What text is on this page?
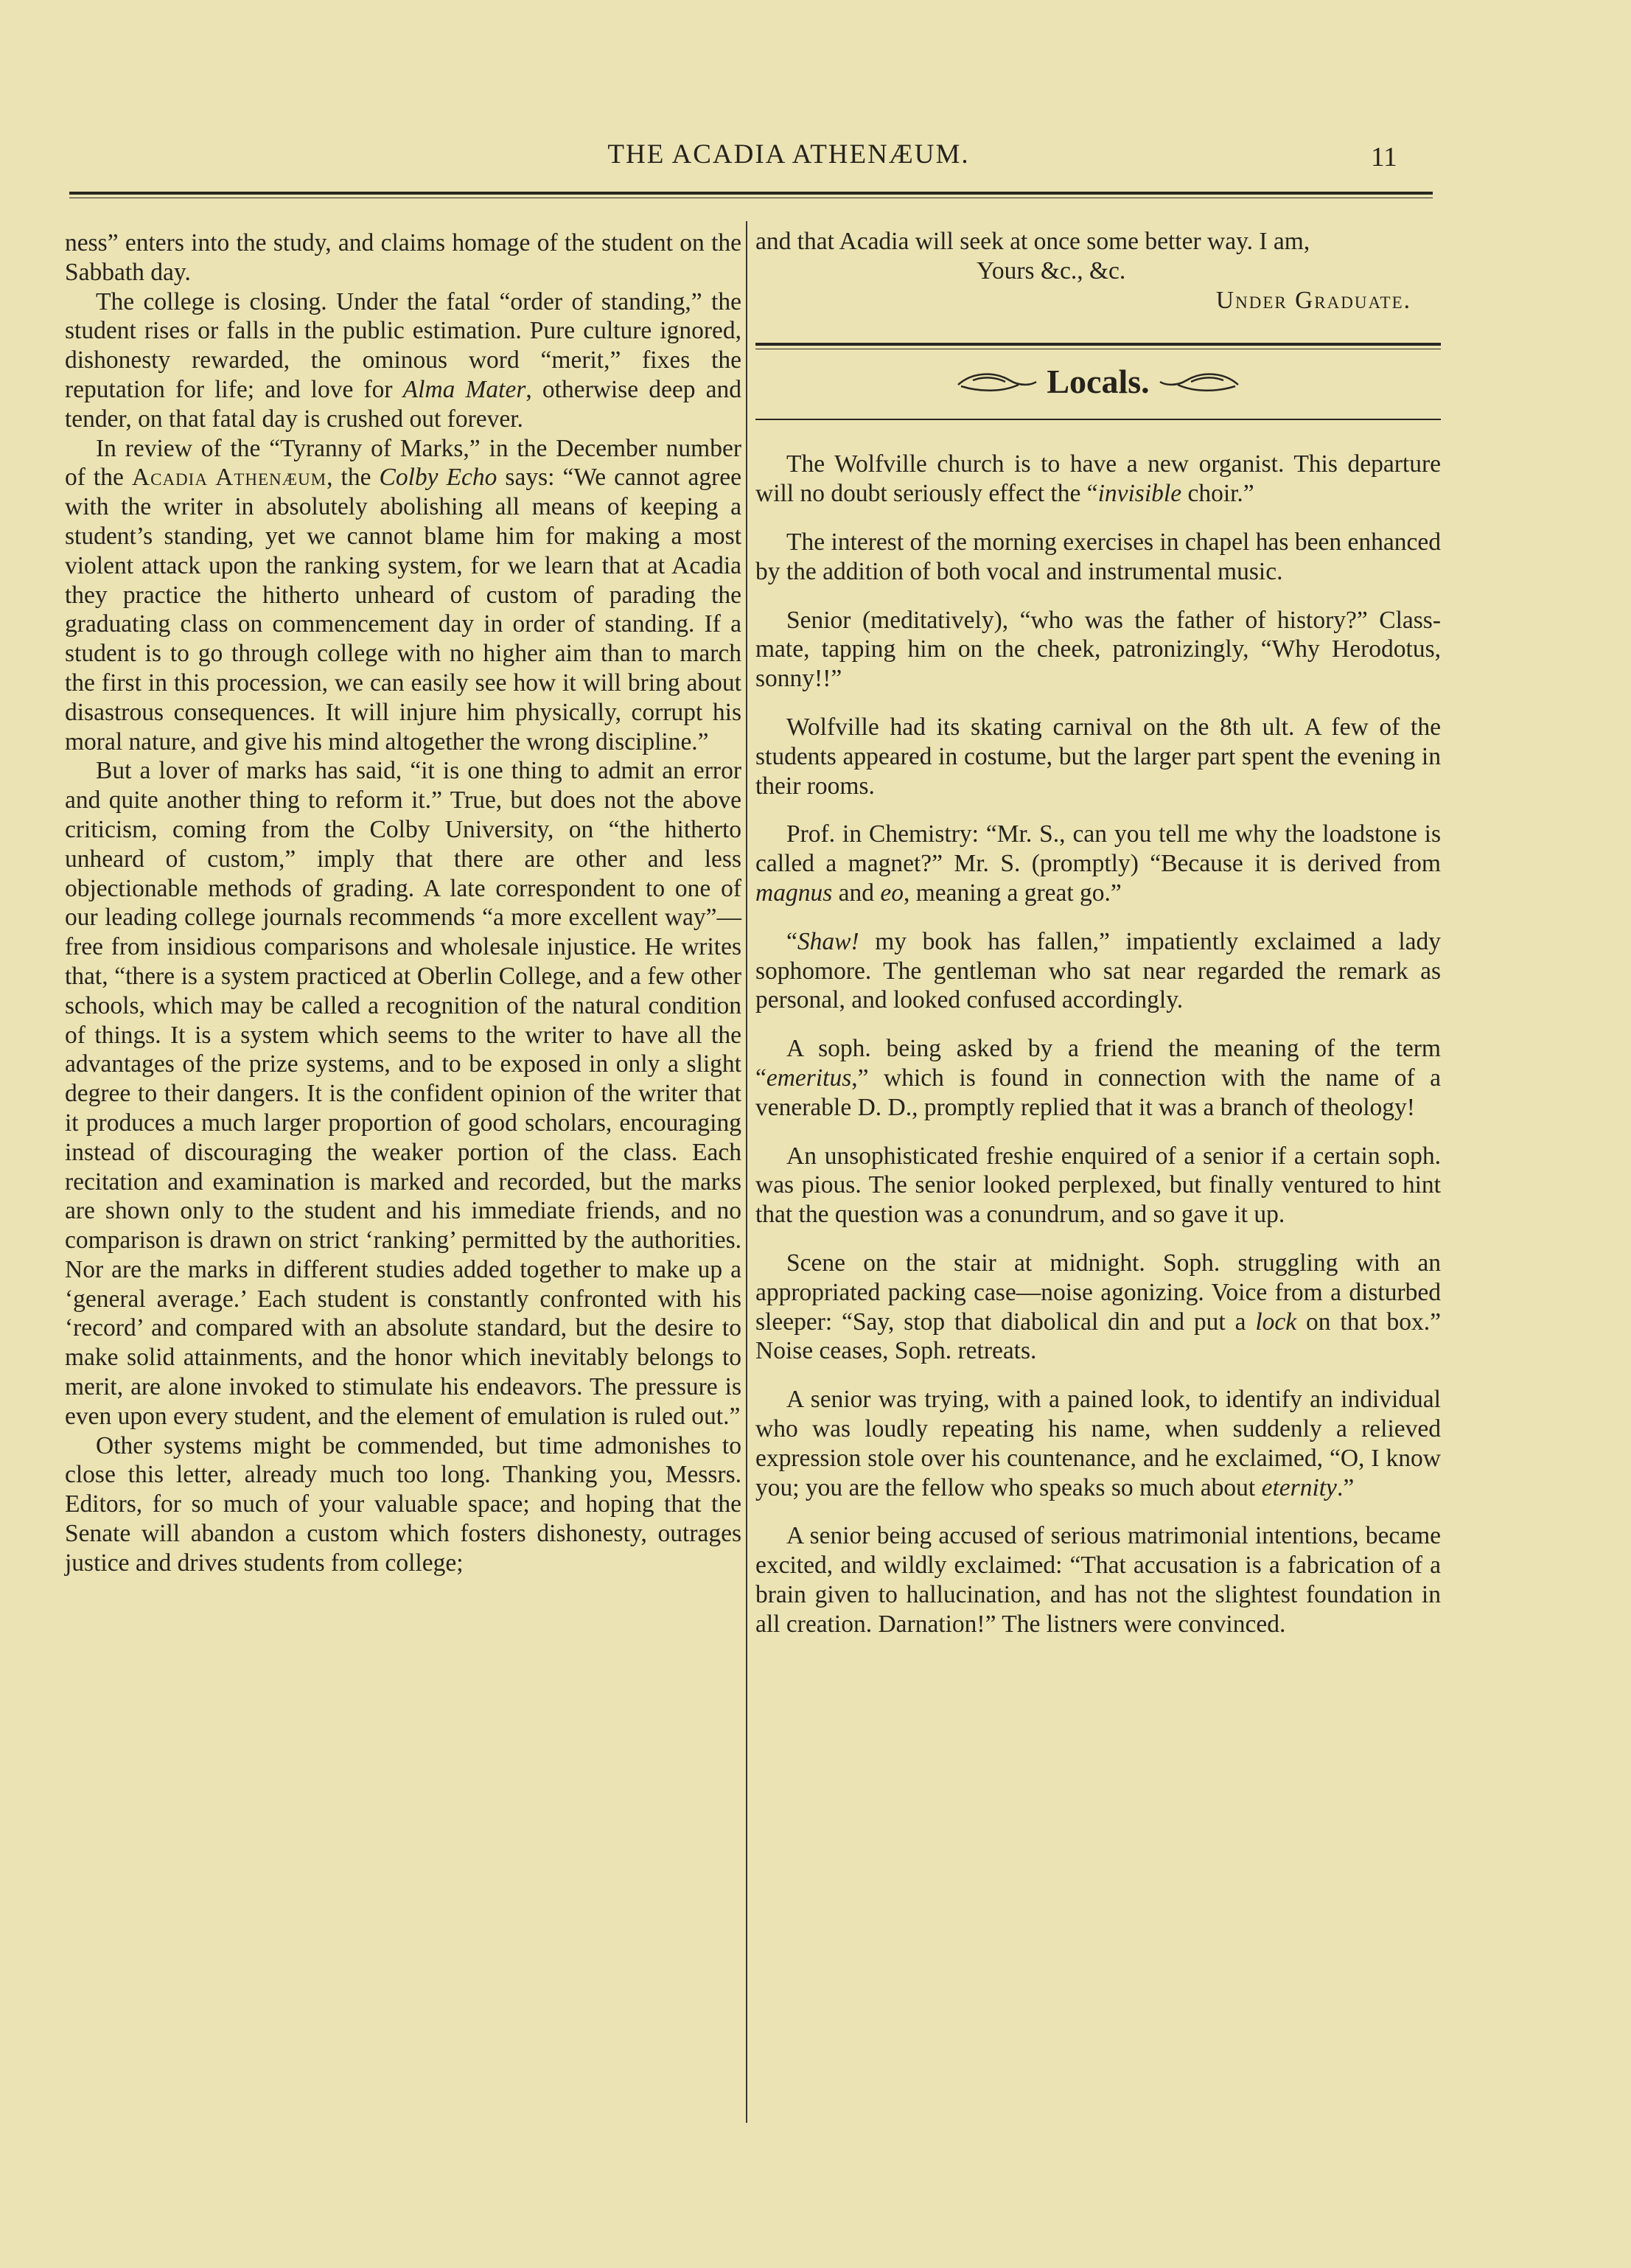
THE ACADIA ATHENÆUM.	11

ness” enters into the study, and claims homage of the student on the Sabbath day.

The college is closing. Under the fatal “order of standing,” the student rises or falls in the public estimation. Pure culture ignored, dishonesty rewarded, the ominous word “merit,” fixes the reputation for life; and love for Alma Mater, otherwise deep and tender, on that fatal day is crushed out forever.

In review of the “Tyranny of Marks,” in the December number of the Acadia Athenæum, the Colby Echo says: “We cannot agree with the writer in absolutely abolishing all means of keeping a student’s standing, yet we cannot blame him for making a most violent attack upon the ranking system, for we learn that at Acadia they practice the hitherto unheard of custom of parading the graduating class on commencement day in order of standing. If a student is to go through college with no higher aim than to march the first in this procession, we can easily see how it will bring about disastrous consequences. It will injure him physically, corrupt his moral nature, and give his mind altogether the wrong discipline.”

But a lover of marks has said, “it is one thing to admit an error and quite another thing to reform it.” True, but does not the above criticism, coming from the Colby University, on “the hitherto unheard of custom,” imply that there are other and less objectionable methods of grading. A late correspondent to one of our leading college journals recommends “a more excellent way”—free from insidious comparisons and wholesale injustice. He writes that, “there is a system practiced at Oberlin College, and a few other schools, which may be called a recognition of the natural condition of things. It is a system which seems to the writer to have all the advantages of the prize systems, and to be exposed in only a slight degree to their dangers. It is the confident opinion of the writer that it produces a much larger proportion of good scholars, encouraging instead of discouraging the weaker portion of the class. Each recitation and examination is marked and recorded, but the marks are shown only to the student and his immediate friends, and no comparison is drawn on strict ‘ranking’ permitted by the authorities. Nor are the marks in different studies added together to make up a ‘general average.’ Each student is constantly confronted with his ‘record’ and compared with an absolute standard, but the desire to make solid attainments, and the honor which inevitably belongs to merit, are alone invoked to stimulate his endeavors. The pressure is even upon every student, and the element of emulation is ruled out.”

Other systems might be commended, but time admonishes to close this letter, already much too long. Thanking you, Messrs. Editors, for so much of your valuable space; and hoping that the Senate will abandon a custom which fosters dishonesty, outrages justice and drives students from college;

and that Acadia will seek at once some better way. I am,

Yours &c., &c.

Under Graduate.

Locals.

The Wolfville church is to have a new organist. This departure will no doubt seriously effect the “invisible choir.”

The interest of the morning exercises in chapel has been enhanced by the addition of both vocal and instrumental music.

Senior (meditatively), “who was the father of history?” Class-mate, tapping him on the cheek, patronizingly, “Why Herodotus, sonny!!”

Wolfville had its skating carnival on the 8th ult. A few of the students appeared in costume, but the larger part spent the evening in their rooms.

Prof. in Chemistry: “Mr. S., can you tell me why the loadstone is called a magnet?” Mr. S. (promptly) “Because it is derived from magnus and eo, meaning a great go.”

“Shaw! my book has fallen,” impatiently exclaimed a lady sophomore. The gentleman who sat near regarded the remark as personal, and looked confused accordingly.

A soph. being asked by a friend the meaning of the term “emeritus,” which is found in connection with the name of a venerable D. D., promptly replied that it was a branch of theology!

An unsophisticated freshie enquired of a senior if a certain soph. was pious. The senior looked perplexed, but finally ventured to hint that the question was a conundrum, and so gave it up.

Scene on the stair at midnight. Soph. struggling with an appropriated packing case—noise agonizing. Voice from a disturbed sleeper: “Say, stop that diabolical din and put a lock on that box.” Noise ceases, Soph. retreats.

A senior was trying, with a pained look, to identify an individual who was loudly repeating his name, when suddenly a relieved expression stole over his countenance, and he exclaimed, “O, I know you; you are the fellow who speaks so much about eternity.”

A senior being accused of serious matrimonial intentions, became excited, and wildly exclaimed: “That accusation is a fabrication of a brain given to hallucination, and has not the slightest foundation in all creation. Darnation!” The listners were convinced.
